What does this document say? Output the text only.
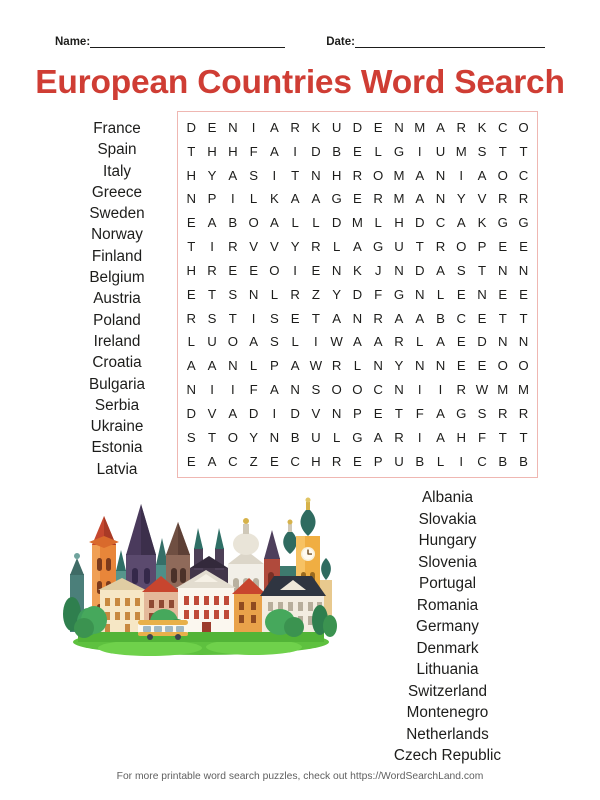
Name:	Date:
European Countries Word Search
France
Spain
Italy
Greece
Sweden
Norway
Finland
Belgium
Austria
Poland
Ireland
Croatia
Bulgaria
Serbia
Ukraine
Estonia
Latvia
D E N	I	A R K U D E N M A R K C O
T H H F A	I	D B E L G	I	U M S T T
H Y A S	I	T N H R O M A N	I	A O C
N P	I	L K A A G E R M A N Y V R R
E A B O A L	L D M L H D C A K G G
T	I	R V V Y R L A G U T R O P E E
H R E E O	I	E N K J N D A S T N N
E T S N L R Z Y D F G N L E N E E
R S T	I	S E T A N R A A B C E T T
L U O A S L	I W A A R L A E D N N
A A N L P A W R L N Y N N E E O O
N	I	I	F A N S O O C N	I	I	R W M M
D V A D	I	D V N P E T F A G S R R
S T O Y N B U L G A R	I	A H F T T
E A C Z E C H R E P U B L	I	C B B
Albania
Slovakia
Hungary
Slovenia
Portugal
Romania
Germany
Denmark
Lithuania
Switzerland
Montenegro
Netherlands
Czech Republic
For more printable word search puzzles, check out https://WordSearchLand.com
